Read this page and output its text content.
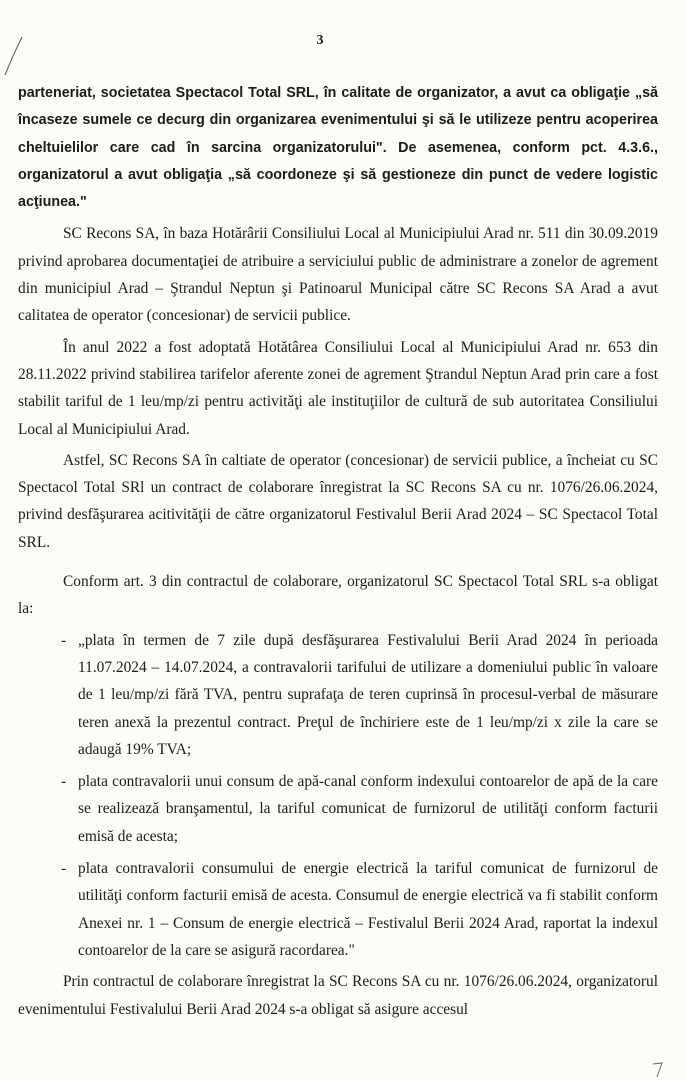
3

parteneriat, societatea Spectacol Total SRL, în calitate de organizator, a avut ca obligaţie „să încaseze sumele ce decurg din organizarea evenimentului şi să le utilizeze pentru acoperirea cheltuielilor care cad în sarcina organizatorului". De asemenea, conform pct. 4.3.6., organizatorul a avut obligaţia „să coordoneze şi să gestioneze din punct de vedere logistic acţiunea."

SC Recons SA, în baza Hotărârii Consiliului Local al Municipiului Arad nr. 511 din 30.09.2019 privind aprobarea documentaţiei de atribuire a serviciului public de administrare a zonelor de agrement din municipiul Arad – Ştrandul Neptun şi Patinoarul Municipal către SC Recons SA Arad a avut calitatea de operator (concesionar) de servicii publice.

În anul 2022 a fost adoptată Hotătârea Consiliului Local al Municipiului Arad nr. 653 din 28.11.2022 privind stabilirea tarifelor aferente zonei de agrement Ştrandul Neptun Arad prin care a fost stabilit tariful de 1 leu/mp/zi pentru activităţi ale instituţiilor de cultură de sub autoritatea Consiliului Local al Municipiului Arad.

Astfel, SC Recons SA în caltiate de operator (concesionar) de servicii publice, a încheiat cu SC Spectacol Total SRl un contract de colaborare înregistrat la SC Recons SA cu nr. 1076/26.06.2024, privind desfăşurarea acitivităţii de către organizatorul Festivalul Berii Arad 2024 – SC Spectacol Total SRL.

Conform art. 3 din contractul de colaborare, organizatorul SC Spectacol Total SRL s-a obligat la:

- „plata în termen de 7 zile după desfăşurarea Festivalului Berii Arad 2024 în perioada 11.07.2024 – 14.07.2024, a contravalorii tarifului de utilizare a domeniului public în valoare de 1 leu/mp/zi fără TVA, pentru suprafaţa de teren cuprinsă în procesul-verbal de măsurare teren anexă la prezentul contract. Preţul de închiriere este de 1 leu/mp/zi x zile la care se adaugă 19% TVA;
- plata contravalorii unui consum de apă-canal conform indexului contoarelor de apă de la care se realizează branşamentul, la tariful comunicat de furnizorul de utilităţi conform facturii emisă de acesta;
- plata contravalorii consumului de energie electrică la tariful comunicat de furnizorul de utilităţi conform facturii emisă de acesta. Consumul de energie electrică va fi stabilit conform Anexei nr. 1 – Consum de energie electrică – Festivalul Berii 2024 Arad, raportat la indexul contoarelor de la care se asigură racordarea."

Prin contractul de colaborare înregistrat la SC Recons SA cu nr. 1076/26.06.2024, organizatorul evenimentului Festivalului Berii Arad 2024 s-a obligat să asigure accesul
